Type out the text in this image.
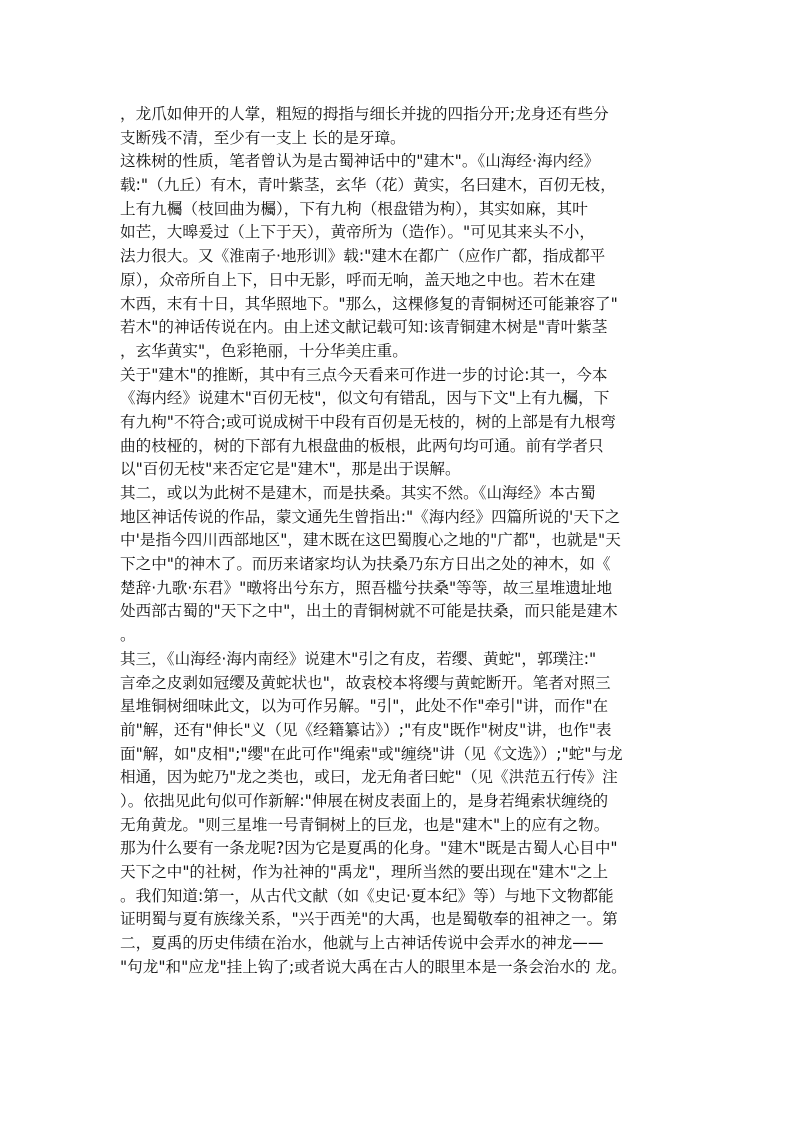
，龙爪如伸开的人掌，粗短的拇指与细长并拢的四指分开;龙身还有些分
支断残不清，至少有一支上 长的是牙璋。
这株树的性质，笔者曾认为是古蜀神话中的"建木"。《山海经·海内经》
载:"（九丘）有木，青叶紫茎，玄华（花）黄实，名曰建木，百仞无枝，
上有九欘（枝回曲为欘），下有九枸（根盘错为枸），其实如麻，其叶
如芒，大暤爰过（上下于天），黄帝所为（造作）。"可见其来头不小，
法力很大。又《淮南子·地形训》载:"建木在都广（应作广都，指成都平
原），众帝所自上下，日中无影，呼而无响，盖天地之中也。若木在建
木西，末有十日，其华照地下。"那么，这棵修复的青铜树还可能兼容了"
若木"的神话传说在内。由上述文献记载可知:该青铜建木树是"青叶紫茎
，玄华黄实"，色彩艳丽，十分华美庄重。
关于"建木"的推断，其中有三点今天看来可作进一步的讨论:其一，今本
《海内经》说建木"百仞无枝"，似文句有错乱，因与下文"上有九欘，下
有九枸"不符合;或可说成树干中段有百仞是无枝的，树的上部是有九根弯
曲的枝桠的，树的下部有九根盘曲的板根，此两句均可通。前有学者只
以"百仞无枝"来否定它是"建木"，那是出于误解。
其二，或以为此树不是建木，而是扶桑。其实不然。《山海经》本古蜀
地区神话传说的作品，蒙文通先生曾指出:"《海内经》四篇所说的'天下之
中'是指今四川西部地区"，建木既在这巴蜀腹心之地的"广都"，也就是"天
下之中"的神木了。而历来诸家均认为扶桑乃东方日出之处的神木，如《
楚辞·九歌·东君》"暾将出兮东方，照吾槛兮扶桑"等等，故三星堆遗址地
处西部古蜀的"天下之中"，出土的青铜树就不可能是扶桑，而只能是建木
。
其三，《山海经·海内南经》说建木"引之有皮，若缨、黄蛇"，郭璞注:"
言牵之皮剥如冠缨及黄蛇状也"，故袁校本将缨与黄蛇断开。笔者对照三
星堆铜树细味此文，以为可作另解。"引"，此处不作"牵引"讲，而作"在
前"解，还有"伸长"义（见《经籍纂诂》）;"有皮"既作"树皮"讲，也作"表
面"解，如"皮相";"缨"在此可作"绳索"或"缠绕"讲（见《文选》）;"蛇"与龙
相通，因为蛇乃"龙之类也，或曰，龙无角者曰蛇"（见《洪范五行传》注
）。依拙见此句似可作新解:"伸展在树皮表面上的，是身若绳索状缠绕的
无角黄龙。"则三星堆一号青铜树上的巨龙，也是"建木"上的应有之物。
那为什么要有一条龙呢?因为它是夏禹的化身。"建木"既是古蜀人心目中"
天下之中"的社树，作为社神的"禹龙"，理所当然的要出现在"建木"之上
。我们知道:第一，从古代文献（如《史记·夏本纪》等）与地下文物都能
证明蜀与夏有族缘关系，"兴于西羌"的大禹，也是蜀敬奉的祖神之一。第
二，夏禹的历史伟绩在治水，他就与上古神话传说中会弄水的神龙——
"句龙"和"应龙"挂上钩了;或者说大禹在古人的眼里本是一条会治水的 龙。
